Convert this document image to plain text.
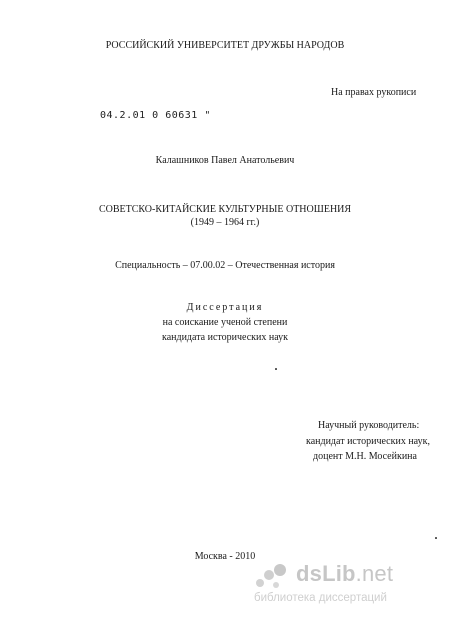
РОССИЙСКИЙ УНИВЕРСИТЕТ ДРУЖБЫ НАРОДОВ
На правах рукописи
04.2.01 0 60631 "
Калашников Павел Анатольевич
СОВЕТСКО-КИТАЙСКИЕ КУЛЬТУРНЫЕ ОТНОШЕНИЯ
(1949 – 1964 гг.)
Специальность – 07.00.02 – Отечественная история
Диссертация
на соискание ученой степени
кандидата исторических наук
Научный руководитель:
кандидат исторических наук,
доцент М.Н. Мосейкина
Москва - 2010
dsLib.net
библиотека диссертаций
